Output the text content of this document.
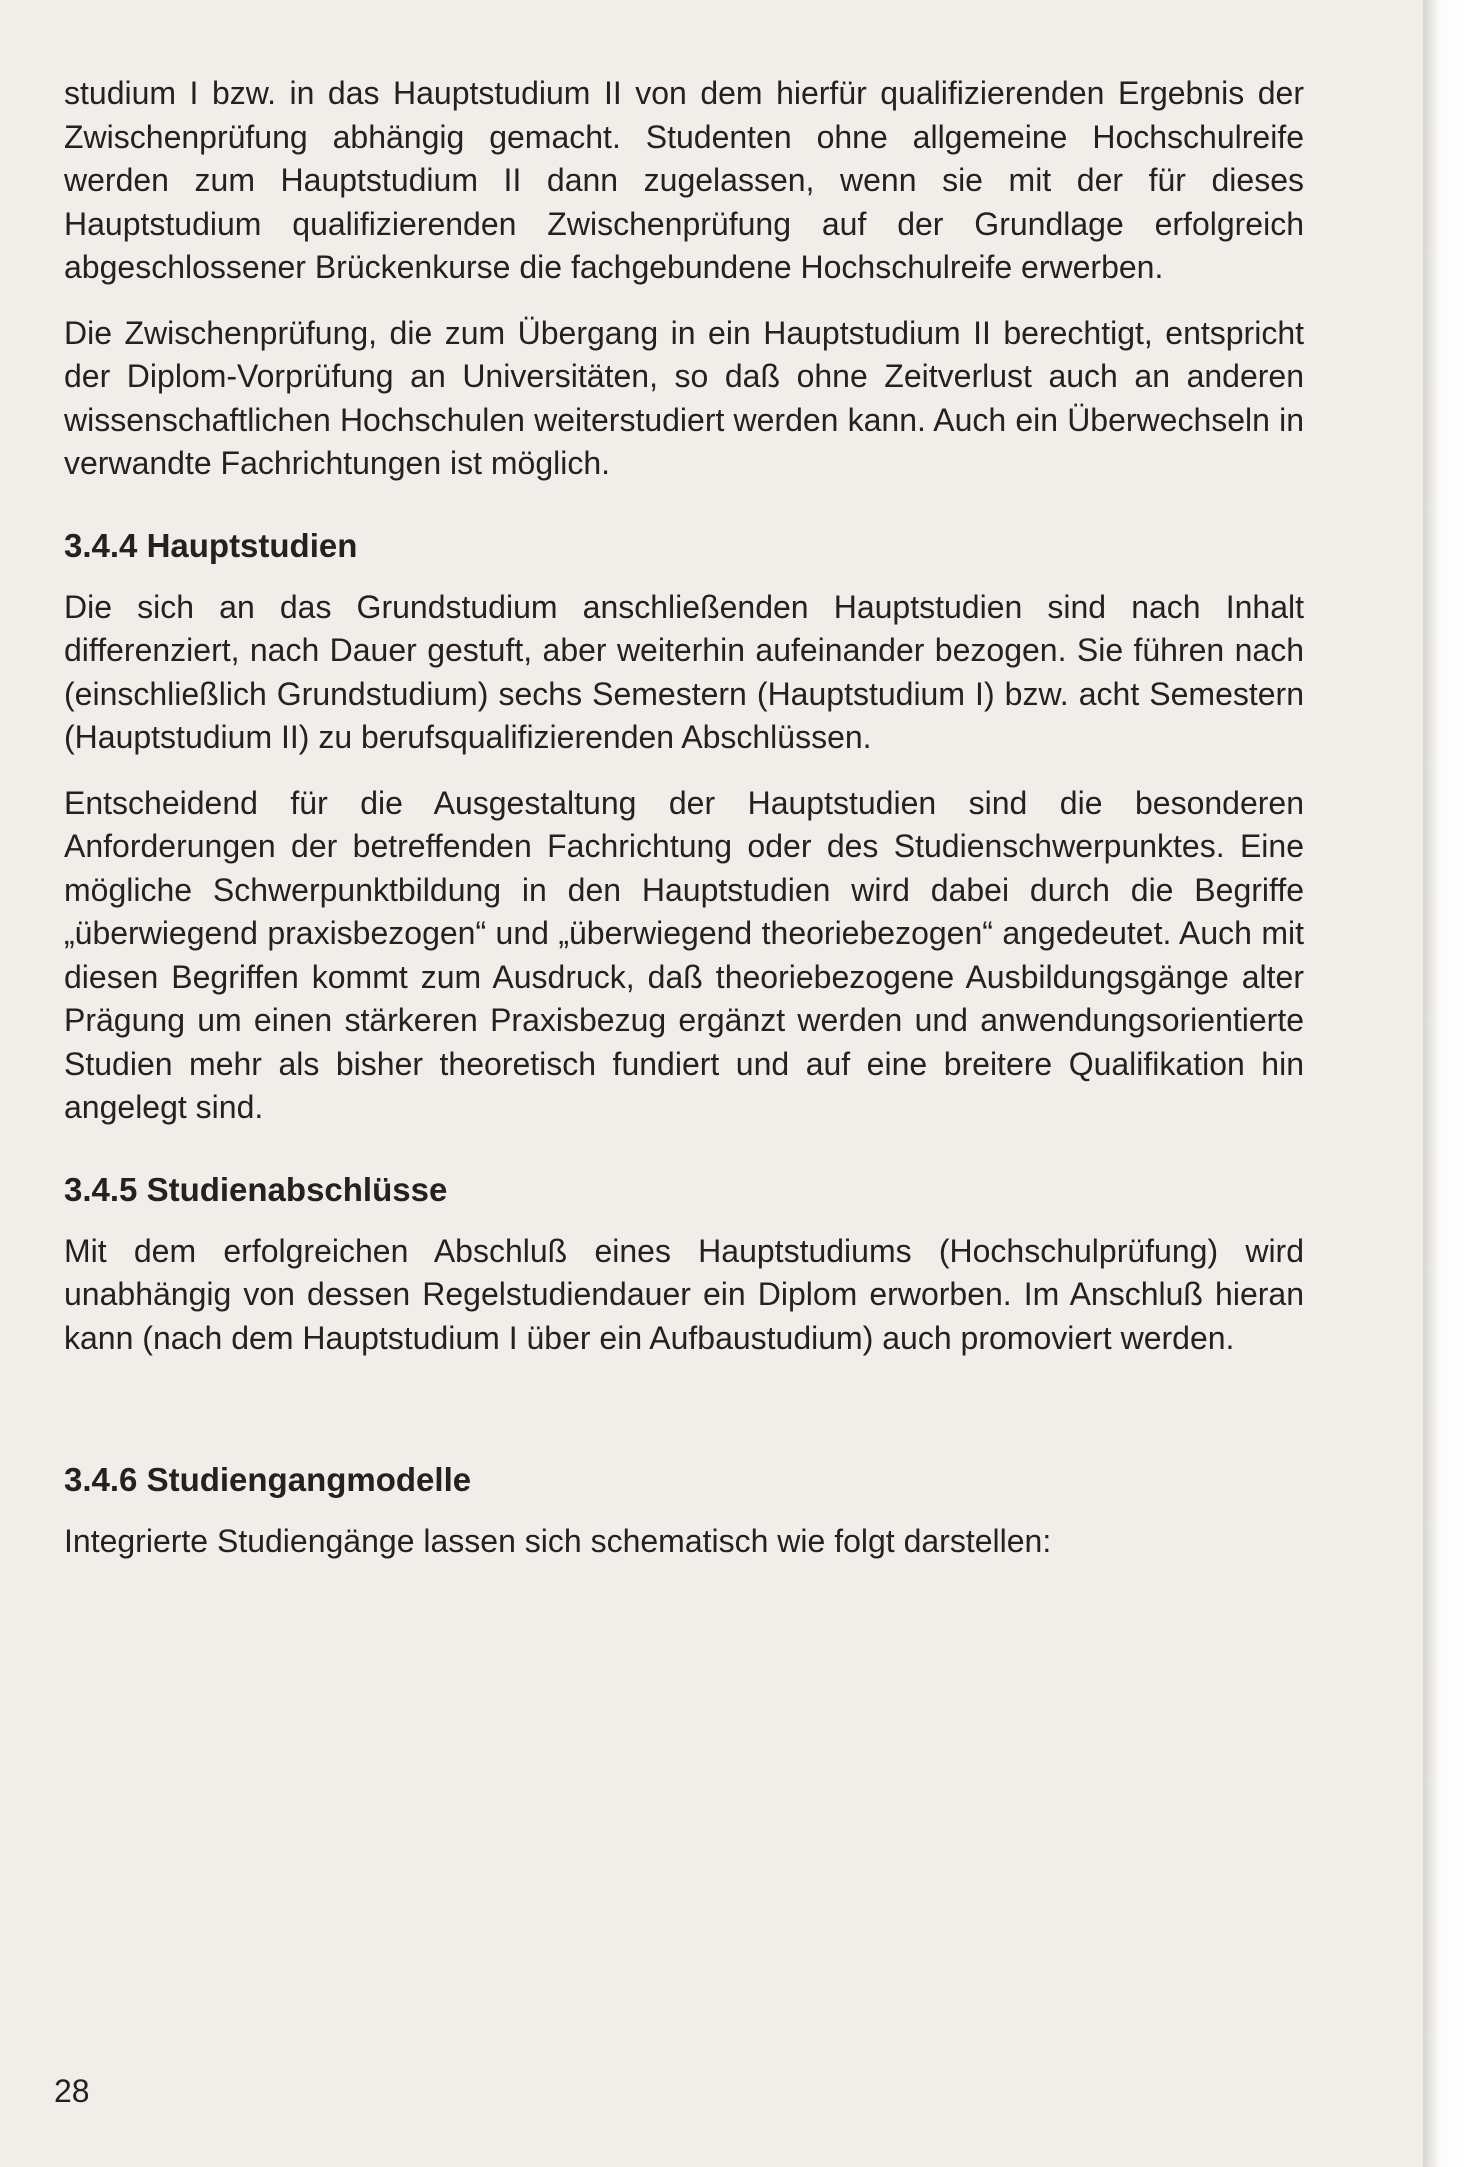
studium I bzw. in das Hauptstudium II von dem hierfür qualifizierenden Ergebnis der Zwischenprüfung abhängig gemacht. Studenten ohne allgemeine Hochschulreife werden zum Hauptstudium II dann zugelassen, wenn sie mit der für dieses Hauptstudium qualifizierenden Zwischenprüfung auf der Grundlage erfolgreich abgeschlossener Brückenkurse die fachgebundene Hochschulreife erwerben.

Die Zwischenprüfung, die zum Übergang in ein Hauptstudium II berechtigt, entspricht der Diplom-Vorprüfung an Universitäten, so daß ohne Zeitverlust auch an anderen wissenschaftlichen Hochschulen weiterstudiert werden kann. Auch ein Überwechseln in verwandte Fachrichtungen ist möglich.

3.4.4 Hauptstudien

Die sich an das Grundstudium anschließenden Hauptstudien sind nach Inhalt differenziert, nach Dauer gestuft, aber weiterhin aufeinander bezogen. Sie führen nach (einschließlich Grundstudium) sechs Semestern (Hauptstudium I) bzw. acht Semestern (Hauptstudium II) zu berufsqualifizierenden Abschlüssen.

Entscheidend für die Ausgestaltung der Hauptstudien sind die besonderen Anforderungen der betreffenden Fachrichtung oder des Studienschwerpunktes. Eine mögliche Schwerpunktbildung in den Hauptstudien wird dabei durch die Begriffe „überwiegend praxisbezogen“ und „überwiegend theoriebezogen“ angedeutet. Auch mit diesen Begriffen kommt zum Ausdruck, daß theoriebezogene Ausbildungsgänge alter Prägung um einen stärkeren Praxisbezug ergänzt werden und anwendungsorientierte Studien mehr als bisher theoretisch fundiert und auf eine breitere Qualifikation hin angelegt sind.

3.4.5 Studienabschlüsse

Mit dem erfolgreichen Abschluß eines Hauptstudiums (Hochschulprüfung) wird unabhängig von dessen Regelstudiendauer ein Diplom erworben. Im Anschluß hieran kann (nach dem Hauptstudium I über ein Aufbaustudium) auch promoviert werden.

3.4.6 Studiengangmodelle

Integrierte Studiengänge lassen sich schematisch wie folgt darstellen:

28
